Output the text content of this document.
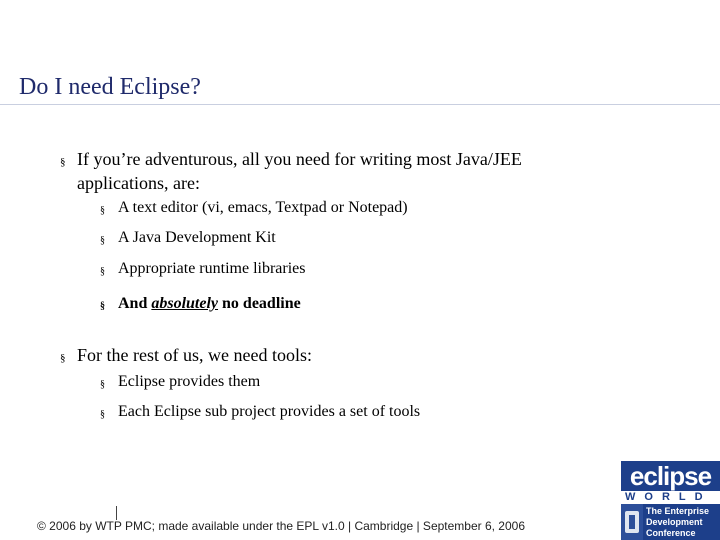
Do I need Eclipse?
§ If you’re adventurous, all you need for writing most Java/JEE
applications, are:
§ A text editor (vi, emacs, Textpad or Notepad)
§ A Java Development Kit
§ Appropriate runtime libraries
§ And absolutely no deadline
§ For the rest of us, we need tools:
§ Eclipse provides them
§ Each Eclipse sub project provides a set of tools
© 2006 by WTP PMC; made available under the EPL v1.0 | Cambridge | September 6, 2006
eclipse
WORLD
The Enterprise
Development
Conference
